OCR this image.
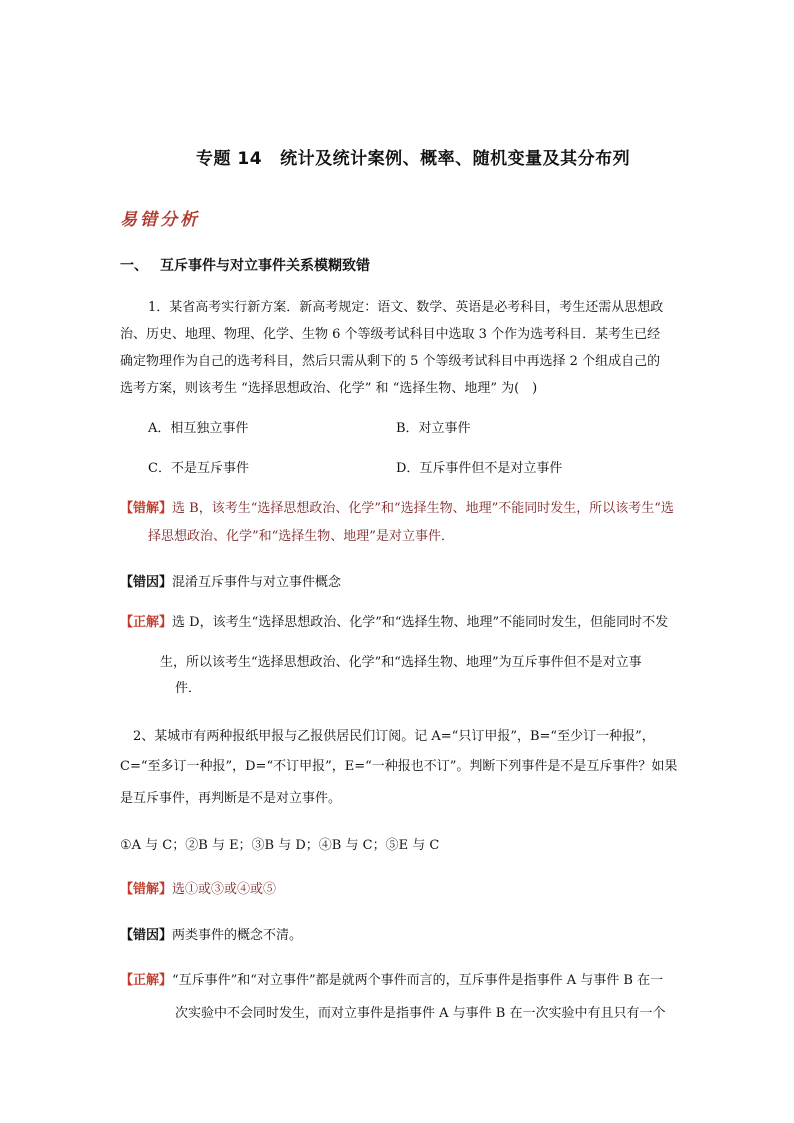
专题 14 统计及统计案例、概率、随机变量及其分布列
易错分析
一、 互斥事件与对立事件关系模糊致错
1．某省高考实行新方案．新高考规定：语文、数学、英语是必考科目，考生还需从思想政
治、历史、地理、物理、化学、生物 6 个等级考试科目中选取 3 个作为选考科目．某考生已经
确定物理作为自己的选考科目，然后只需从剩下的 5 个等级考试科目中再选择 2 个组成自己的
选考方案，则该考生 “选择思想政治、化学” 和 “选择生物、地理” 为(　)
A．相互独立事件	B．对立事件
C．不是互斥事件	D．互斥事件但不是对立事件
【错解】选 B，该考生“选择思想政治、化学”和“选择生物、地理”不能同时发生，所以该考生“选
择思想政治、化学”和“选择生物、地理”是对立事件．
【错因】混淆互斥事件与对立事件概念
【正解】选 D，该考生“选择思想政治、化学”和“选择生物、地理”不能同时发生，但能同时不发
生，所以该考生“选择思想政治、化学”和“选择生物、地理”为互斥事件但不是对立事
件．
2、某城市有两种报纸甲报与乙报供居民们订阅。记 A=“只订甲报”，B=“至少订一种报”，
C=“至多订一种报”，D=“不订甲报”，E=“一种报也不订”。判断下列事件是不是互斥事件？如果
是互斥事件，再判断是不是对立事件。
①A 与 C；②B 与 E；③B 与 D；④B 与 C；⑤E 与 C
【错解】选①或③或④或⑤
【错因】两类事件的概念不清。
【正解】“互斥事件”和“对立事件”都是就两个事件而言的，互斥事件是指事件 A 与事件 B 在一
次实验中不会同时发生，而对立事件是指事件 A 与事件 B 在一次实验中有且只有一个
